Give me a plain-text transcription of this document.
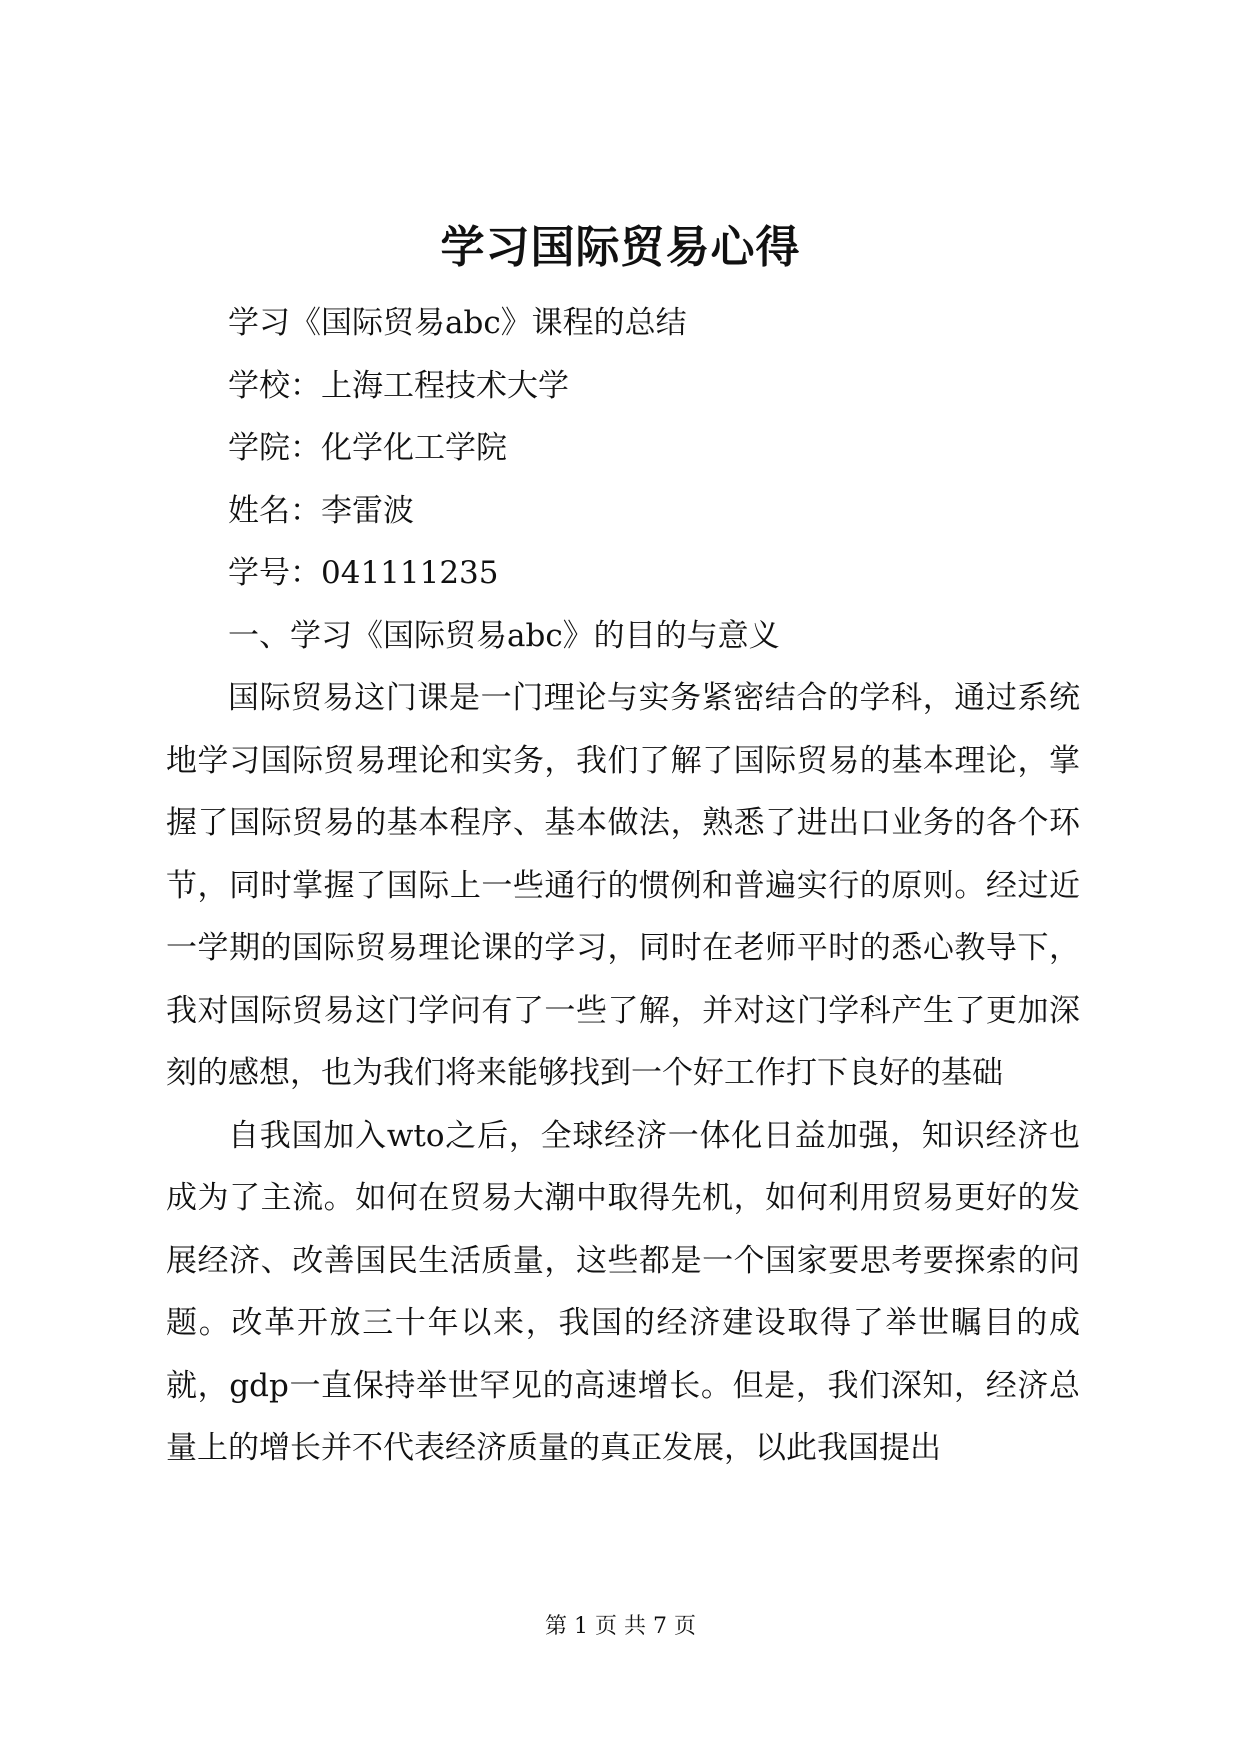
学习国际贸易心得

学习《国际贸易abc》课程的总结

学校：上海工程技术大学

学院：化学化工学院

姓名：李雷波

学号：041111235

一、学习《国际贸易abc》的目的与意义

国际贸易这门课是一门理论与实务紧密结合的学科，通过系统地学习国际贸易理论和实务，我们了解了国际贸易的基本理论，掌握了国际贸易的基本程序、基本做法，熟悉了进出口业务的各个环节，同时掌握了国际上一些通行的惯例和普遍实行的原则。经过近一学期的国际贸易理论课的学习，同时在老师平时的悉心教导下，我对国际贸易这门学问有了一些了解，并对这门学科产生了更加深刻的感想，也为我们将来能够找到一个好工作打下良好的基础

自我国加入wto之后，全球经济一体化日益加强，知识经济也成为了主流。如何在贸易大潮中取得先机，如何利用贸易更好的发展经济、改善国民生活质量，这些都是一个国家要思考要探索的问题。改革开放三十年以来，我国的经济建设取得了举世瞩目的成就，gdp一直保持举世罕见的高速增长。但是，我们深知，经济总量上的增长并不代表经济质量的真正发展，以此我国提出

第 1 页 共 7 页
